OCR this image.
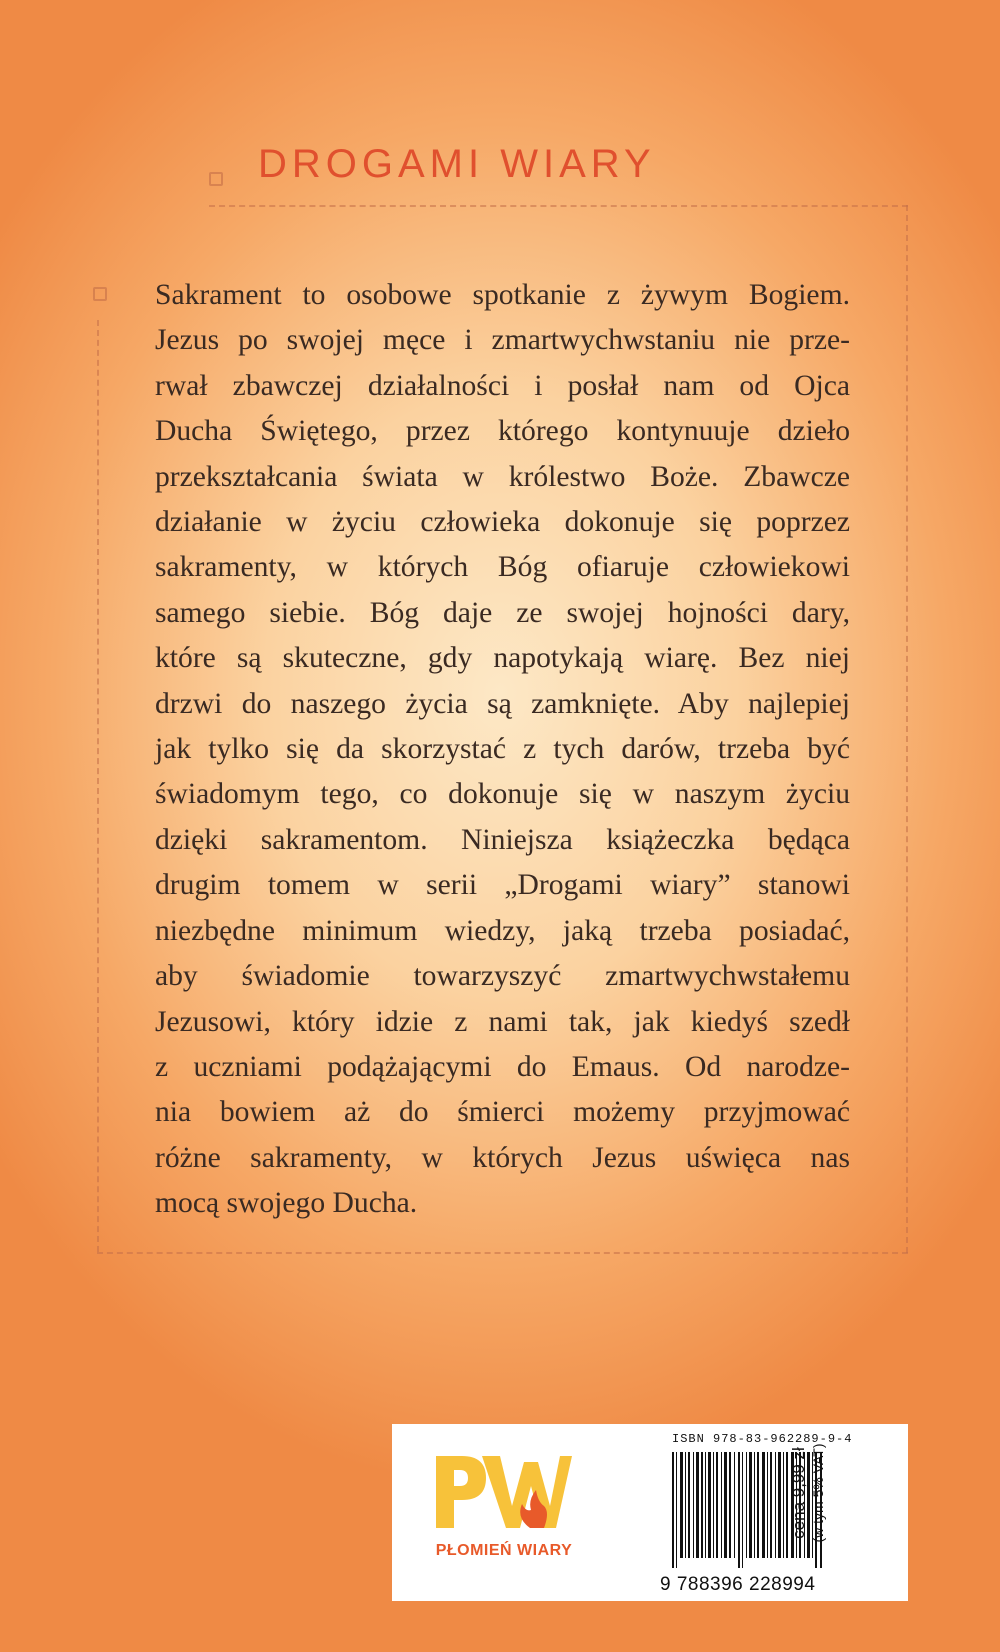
DROGAMI WIARY

Sakrament to osobowe spotkanie z żywym Bogiem.
Jezus po swojej męce i zmartwychwstaniu nie prze-
rwał zbawczej działalności i posłał nam od Ojca
Ducha Świętego, przez którego kontynuuje dzieło
przekształcania świata w królestwo Boże. Zbawcze
działanie w życiu człowieka dokonuje się poprzez
sakramenty, w których Bóg ofiaruje człowiekowi
samego siebie. Bóg daje ze swojej hojności dary,
które są skuteczne, gdy napotykają wiarę. Bez niej
drzwi do naszego życia są zamknięte. Aby najlepiej
jak tylko się da skorzystać z tych darów, trzeba być
świadomym tego, co dokonuje się w naszym życiu
dzięki sakramentom. Niniejsza książeczka będąca
drugim tomem w serii „Drogami wiary” stanowi
niezbędne minimum wiedzy, jaką trzeba posiadać,
aby świadomie towarzyszyć zmartwychwstałemu
Jezusowi, który idzie z nami tak, jak kiedyś szedł
z uczniami podążającymi do Emaus. Od narodze-
nia bowiem aż do śmierci możemy przyjmować
różne sakramenty, w których Jezus uświęca nas
mocą swojego Ducha.

PŁOMIEŃ WIARY

ISBN 978-83-962289-9-4
9 788396 228994
cena 9,99 zł (w tym 5% VAT)
